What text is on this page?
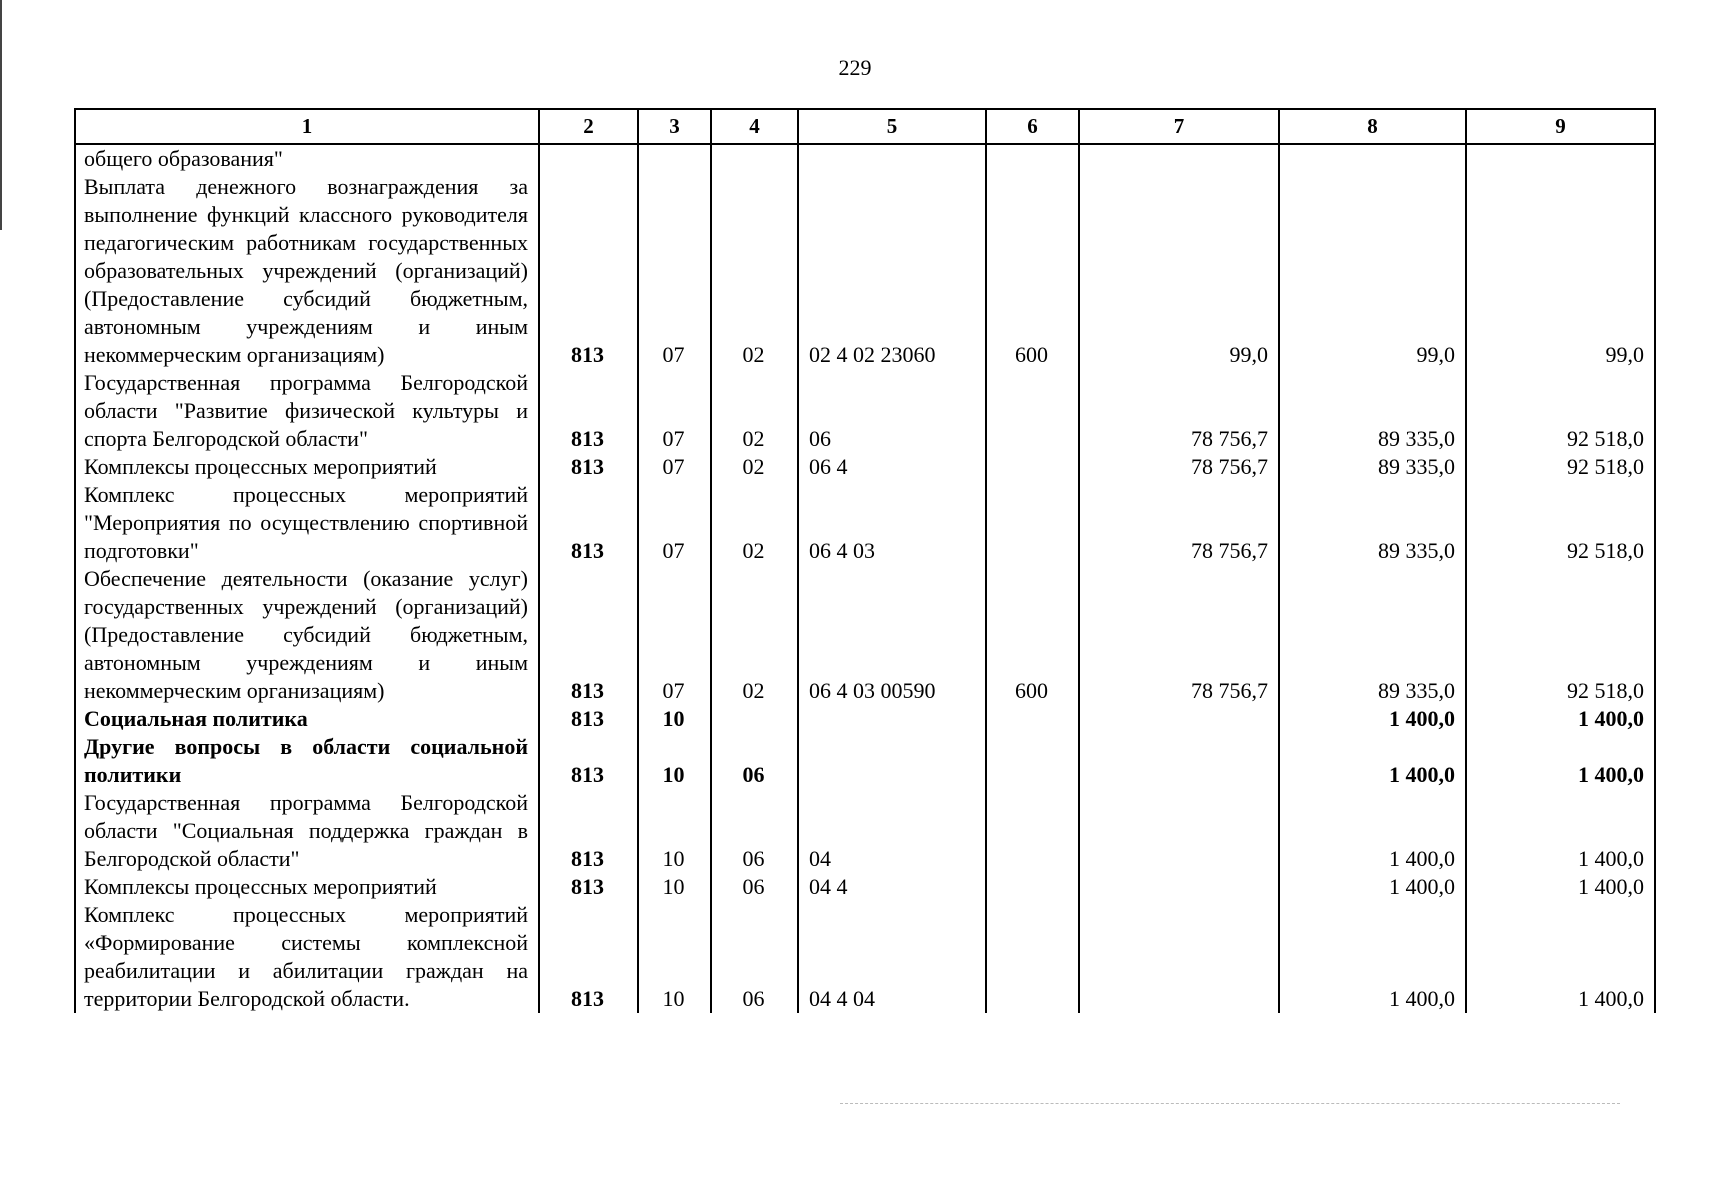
229
1	2	3	4	5	6	7	8	9
общего образования"								
Выплата денежного вознаграждения за выполнение функций классного руководителя педагогическим работникам государственных образовательных учреждений (организаций) (Предоставление субсидий бюджетным, автономным учреждениям и иным некоммерческим организациям)	813	07	02	02 4 02 23060	600	99,0	99,0	99,0
Государственная программа Белгородской области "Развитие физической культуры и спорта Белгородской области"	813	07	02	06		78 756,7	89 335,0	92 518,0
Комплексы процессных мероприятий	813	07	02	06 4		78 756,7	89 335,0	92 518,0
Комплекс процессных мероприятий "Мероприятия по осуществлению спортивной подготовки"	813	07	02	06 4 03		78 756,7	89 335,0	92 518,0
Обеспечение деятельности (оказание услуг) государственных учреждений (организаций) (Предоставление субсидий бюджетным, автономным учреждениям и иным некоммерческим организациям)	813	07	02	06 4 03 00590	600	78 756,7	89 335,0	92 518,0
Социальная политика	813	10					1 400,0	1 400,0
Другие вопросы в области социальной политики	813	10	06				1 400,0	1 400,0
Государственная программа Белгородской области "Социальная поддержка граждан в Белгородской области"	813	10	06	04			1 400,0	1 400,0
Комплексы процессных мероприятий	813	10	06	04 4			1 400,0	1 400,0
Комплекс процессных мероприятий «Формирование системы комплексной реабилитации и абилитации граждан на территории Белгородской области.	813	10	06	04 4 04			1 400,0	1 400,0
